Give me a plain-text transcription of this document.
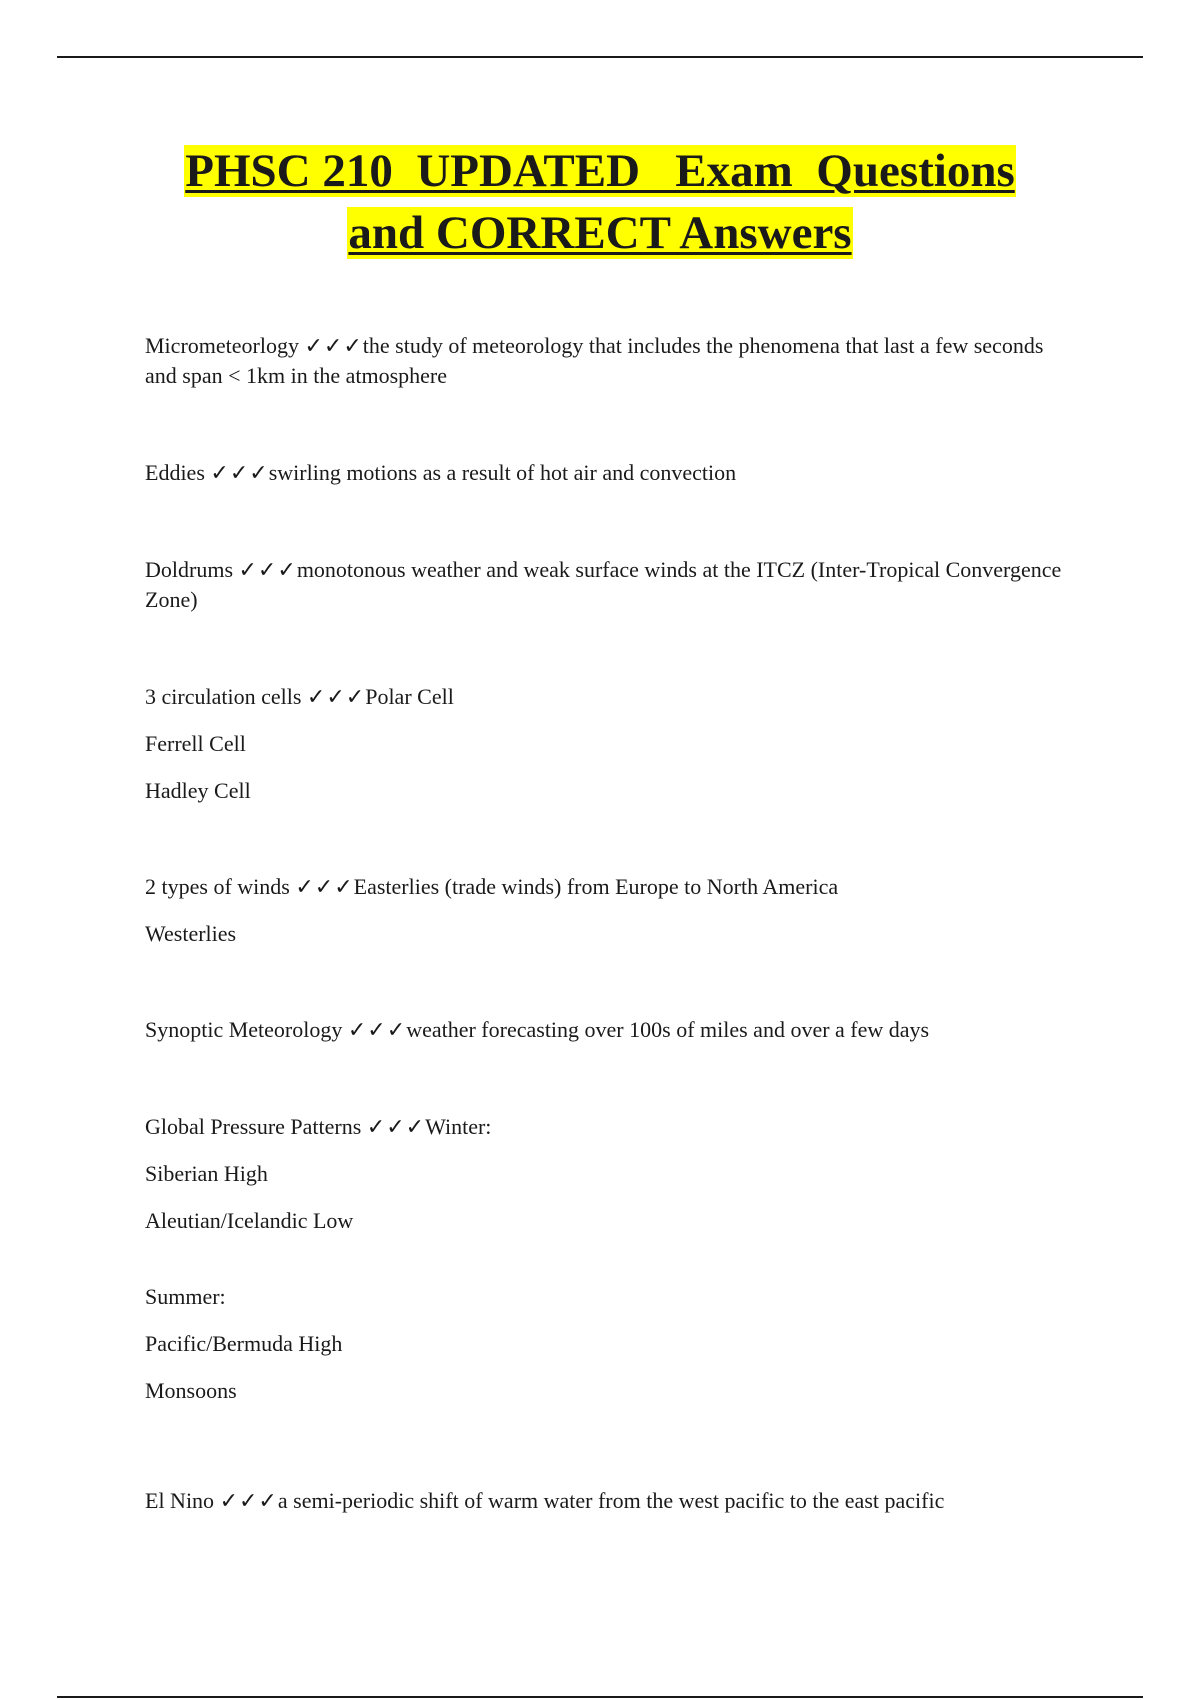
PHSC 210  UPDATED   Exam  Questions
and CORRECT Answers

Micrometeorlogy ✓✓✓the study of meteorology that includes the phenomena that last a few seconds and span < 1km in the atmosphere

Eddies ✓✓✓swirling motions as a result of hot air and convection

Doldrums ✓✓✓monotonous weather and weak surface winds at the ITCZ (Inter-Tropical Convergence Zone)

3 circulation cells ✓✓✓Polar Cell

Ferrell Cell

Hadley Cell

2 types of winds ✓✓✓Easterlies (trade winds) from Europe to North America

Westerlies

Synoptic Meteorology ✓✓✓weather forecasting over 100s of miles and over a few days

Global Pressure Patterns ✓✓✓Winter:

Siberian High

Aleutian/Icelandic Low

Summer:

Pacific/Bermuda High

Monsoons

El Nino ✓✓✓a semi-periodic shift of warm water from the west pacific to the east pacific
